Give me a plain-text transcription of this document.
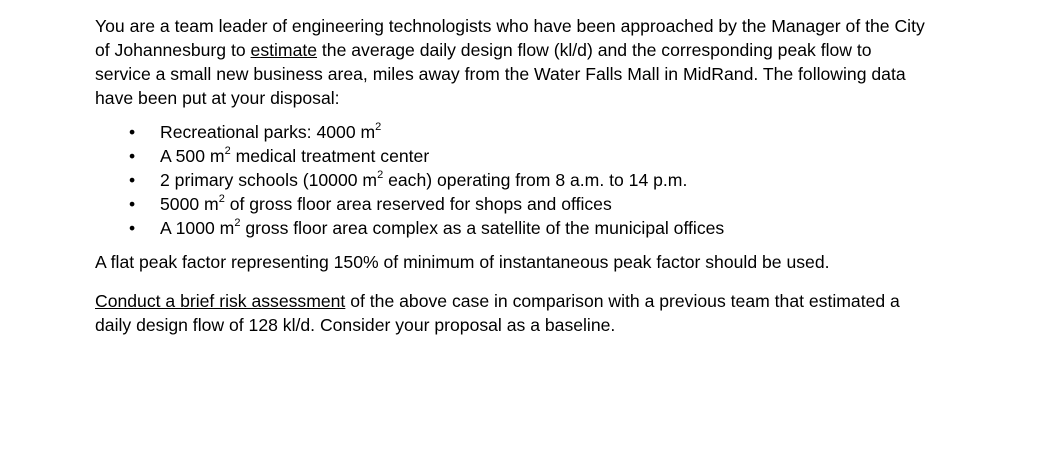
You are a team leader of engineering technologists who have been approached by the Manager of the City of Johannesburg to estimate the average daily design flow (kl/d) and the corresponding peak flow to service a small new business area, miles away from the Water Falls Mall in MidRand. The following data have been put at your disposal:

• Recreational parks: 4000 $m^2$
• A 500 $m^2$ medical treatment center
• 2 primary schools (10000 $m^2$ each) operating from 8 a.m. to 14 p.m.
• 5000 $m^2$ of gross floor area reserved for shops and offices
• A 1000 $m^2$ gross floor area complex as a satellite of the municipal offices

A flat peak factor representing 150% of minimum of instantaneous peak factor should be used.

Conduct a brief risk assessment of the above case in comparison with a previous team that estimated a daily design flow of 128 kl/d. Consider your proposal as a baseline.
